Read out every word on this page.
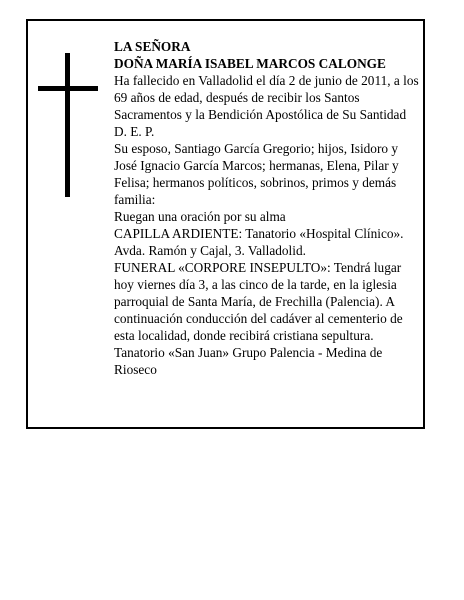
LA SEÑORA

DOÑA MARÍA ISABEL MARCOS CALONGE

Ha fallecido en Valladolid el día 2 de junio de 2011, a los 69 años de edad, después de recibir los Santos Sacramentos y la Bendición Apostólica de Su Santidad D. E. P.

Su esposo, Santiago García Gregorio; hijos, Isidoro y José Ignacio García Marcos; hermanas, Elena, Pilar y Felisa; hermanos políticos, sobrinos, primos y demás familia:

Ruegan una oración por su alma

CAPILLA ARDIENTE: Tanatorio «Hospital Clínico». Avda. Ramón y Cajal, 3. Valladolid.

FUNERAL «CORPORE INSEPULTO»: Tendrá lugar hoy viernes día 3, a las cinco de la tarde, en la iglesia parroquial de Santa María, de Frechilla (Palencia). A continuación conducción del cadáver al cementerio de esta localidad, donde recibirá cristiana sepultura.

Tanatorio «San Juan» Grupo Palencia - Medina de Rioseco
